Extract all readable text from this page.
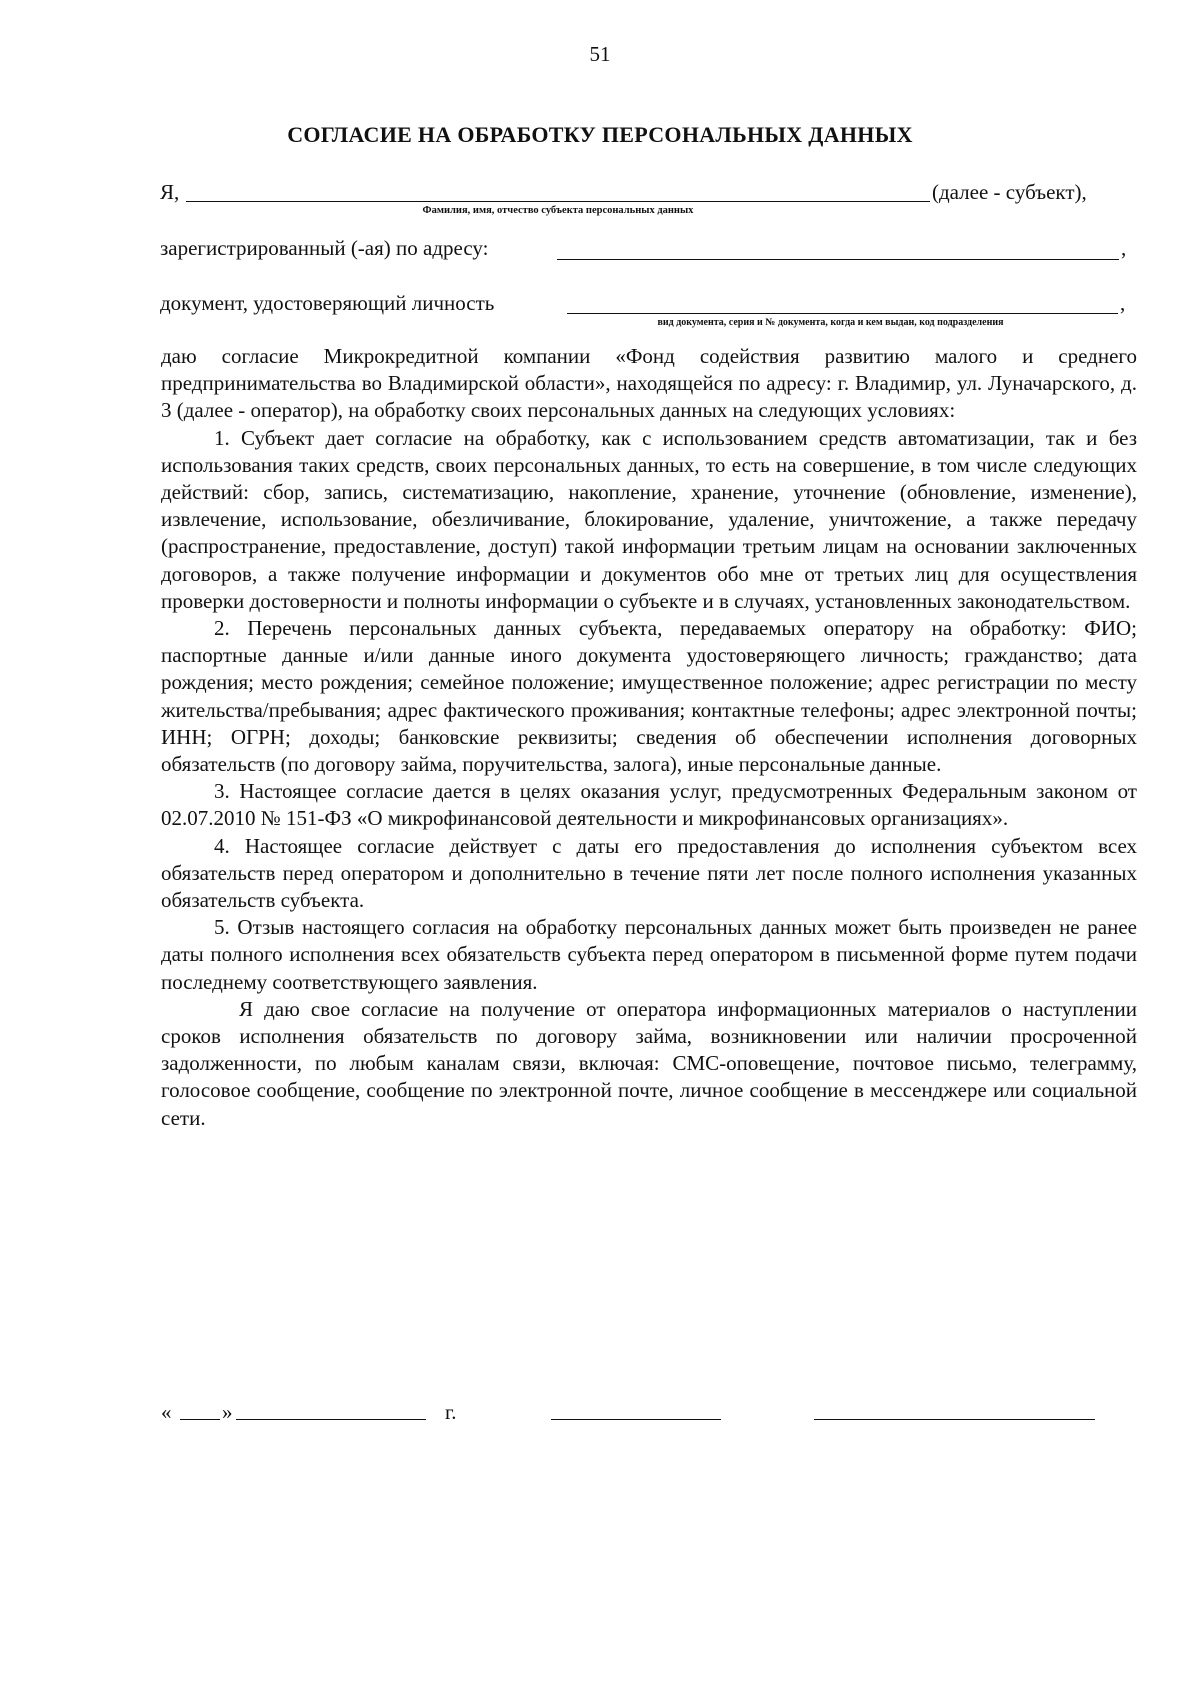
51
СОГЛАСИЕ НА ОБРАБОТКУ ПЕРСОНАЛЬНЫХ ДАННЫХ
Я,	(далее - субъект),
Фамилия, имя, отчество субъекта персональных данных
зарегистрированный (-ая) по адресу:	,
документ, удостоверяющий личность	,
вид документа, серия и № документа, когда и кем выдан, код подразделения

даю согласие Микрокредитной компании «Фонд содействия развитию малого и среднего предпринимательства во Владимирской области», находящейся по адресу: г. Владимир, ул. Луначарского, д. 3 (далее - оператор), на обработку своих персональных данных на следующих условиях:

1. Субъект дает согласие на обработку, как с использованием средств автоматизации, так и без использования таких средств, своих персональных данных, то есть на совершение, в том числе следующих действий: сбор, запись, систематизацию, накопление, хранение, уточнение (обновление, изменение), извлечение, использование, обезличивание, блокирование, удаление, уничтожение, а также передачу (распространение, предоставление, доступ) такой информации третьим лицам на основании заключенных договоров, а также получение информации и документов обо мне от третьих лиц для осуществления проверки достоверности и полноты информации о субъекте и в случаях, установленных законодательством.

2. Перечень персональных данных субъекта, передаваемых оператору на обработку: ФИО; паспортные данные и/или данные иного документа удостоверяющего личность; гражданство; дата рождения; место рождения; семейное положение; имущественное положение; адрес регистрации по месту жительства/пребывания; адрес фактического проживания; контактные телефоны; адрес электронной почты; ИНН; ОГРН; доходы; банковские реквизиты; сведения об обеспечении исполнения договорных обязательств (по договору займа, поручительства, залога), иные персональные данные.

3. Настоящее согласие дается в целях оказания услуг, предусмотренных Федеральным законом от 02.07.2010 № 151-ФЗ «О микрофинансовой деятельности и микрофинансовых организациях».

4. Настоящее согласие действует с даты его предоставления до исполнения субъектом всех обязательств перед оператором и дополнительно в течение пяти лет после полного исполнения указанных обязательств субъекта.

5. Отзыв настоящего согласия на обработку персональных данных может быть произведен не ранее даты полного исполнения всех обязательств субъекта перед оператором в письменной форме путем подачи последнему соответствующего заявления.

Я даю свое согласие на получение от оператора информационных материалов о наступлении сроков исполнения обязательств по договору займа, возникновении или наличии просроченной задолженности, по любым каналам связи, включая: СМС-оповещение, почтовое письмо, телеграмму, голосовое сообщение, сообщение по электронной почте, личное сообщение в мессенджере или социальной сети.

« »	г.
